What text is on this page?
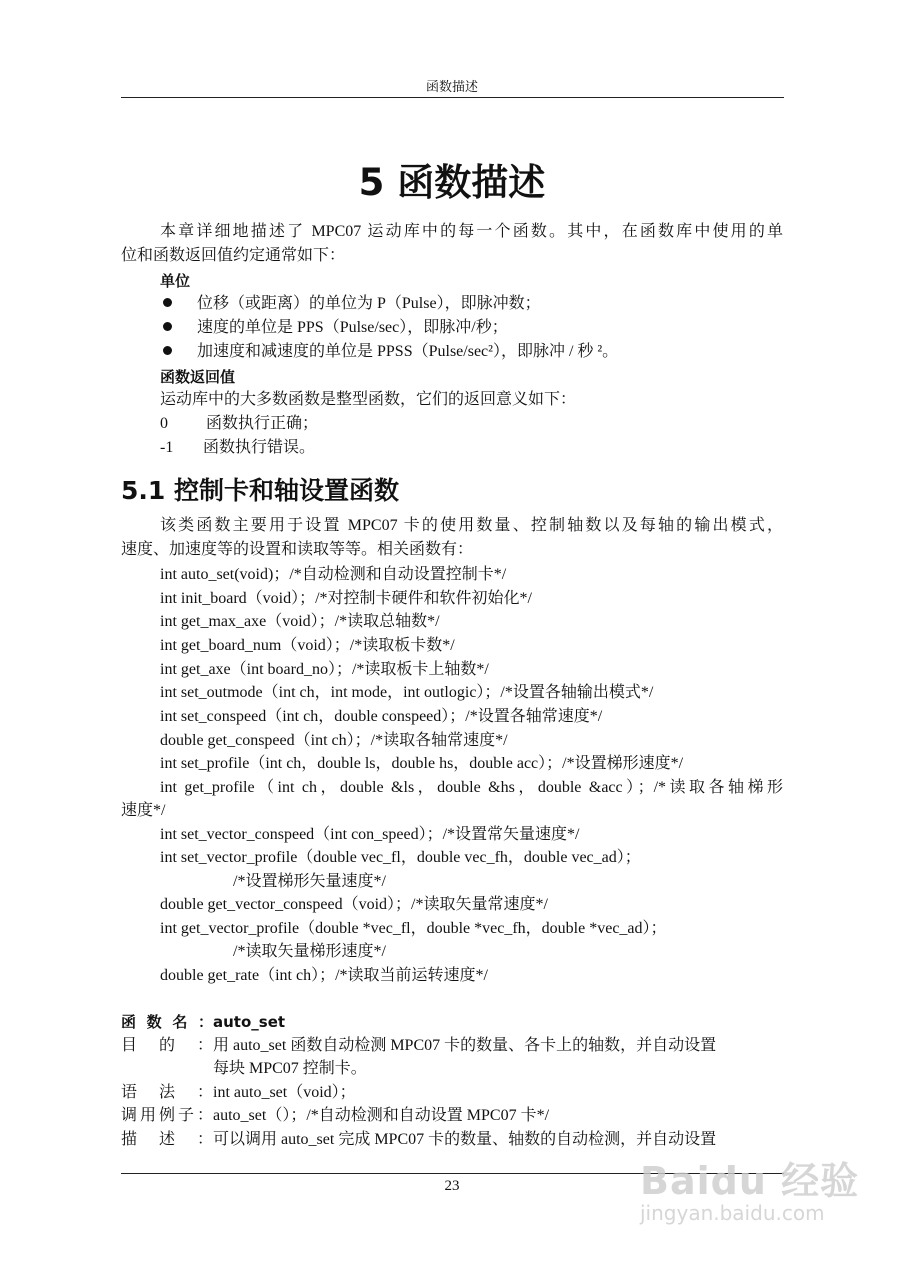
函数描述
5 函数描述
本章详细地描述了 MPC07 运动库中的每一个函数。其中，在函数库中使用的单
位和函数返回值约定通常如下：
单位
位移（或距离）的单位为 P（Pulse），即脉冲数；
速度的单位是 PPS（Pulse/sec），即脉冲/秒；
加速度和减速度的单位是 PPSS（Pulse/sec²），即脉冲 / 秒 ²。
函数返回值
运动库中的大多数函数是整型函数，它们的返回意义如下：
0 函数执行正确；
-1 函数执行错误。
5.1 控制卡和轴设置函数
该类函数主要用于设置 MPC07 卡的使用数量、控制轴数以及每轴的输出模式，
速度、加速度等的设置和读取等等。相关函数有：
int auto_set(void)；/*自动检测和自动设置控制卡*/
int init_board（void）；/*对控制卡硬件和软件初始化*/
int get_max_axe（void）；/*读取总轴数*/
int get_board_num（void）；/*读取板卡数*/
int get_axe（int board_no）；/*读取板卡上轴数*/
int set_outmode（int ch，int mode，int outlogic）；/*设置各轴输出模式*/
int set_conspeed（int ch，double conspeed）；/*设置各轴常速度*/
double get_conspeed（int ch）；/*读取各轴常速度*/
int set_profile（int ch，double ls，double hs，double acc）；/*设置梯形速度*/
int get_profile（int ch，double &ls，double &hs，double &acc）；/*读取各轴梯形
速度*/
int set_vector_conspeed（int con_speed）；/*设置常矢量速度*/
int set_vector_profile（double vec_fl，double vec_fh，double vec_ad）；
/*设置梯形矢量速度*/
double get_vector_conspeed（void）；/*读取矢量常速度*/
int get_vector_profile（double *vec_fl，double *vec_fh，double *vec_ad）；
/*读取矢量梯形速度*/
double get_rate（int ch）；/*读取当前运转速度*/
函数名：auto_set
目的：用 auto_set 函数自动检测 MPC07 卡的数量、各卡上的轴数，并自动设置
每块 MPC07 控制卡。
语法：int auto_set（void）；
调用例子：auto_set（）；/*自动检测和自动设置 MPC07 卡*/
描述：可以调用 auto_set 完成 MPC07 卡的数量、轴数的自动检测，并自动设置
23	Baidu 经验
jingyan.baidu.com
